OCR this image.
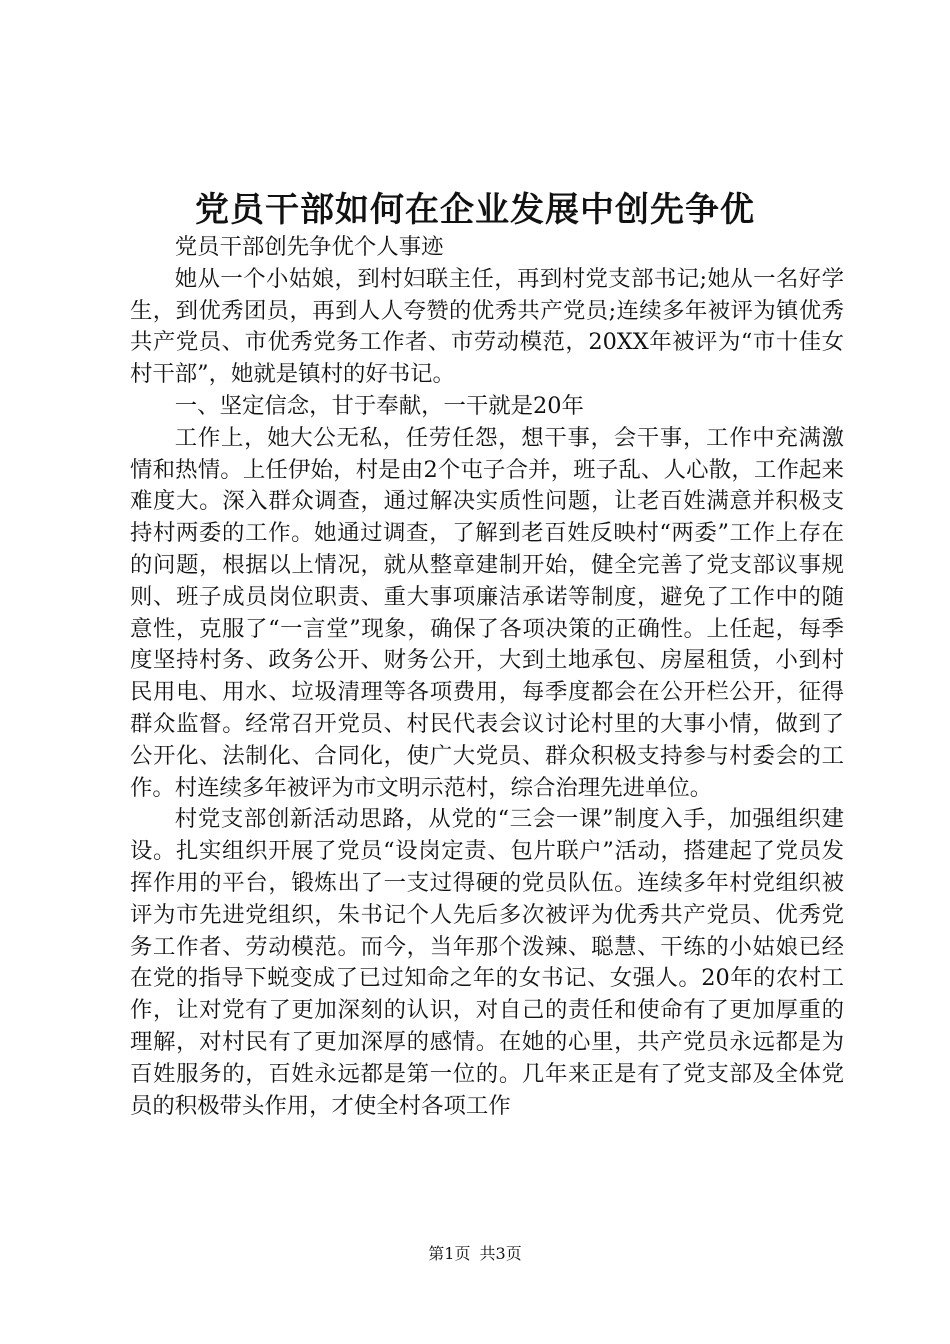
党员干部如何在企业发展中创先争优

党员干部创先争优个人事迹

她从一个小姑娘，到村妇联主任，再到村党支部书记;她从一名好学生，到优秀团员，再到人人夸赞的优秀共产党员;连续多年被评为镇优秀共产党员、市优秀党务工作者、市劳动模范，20XX年被评为“市十佳女村干部”，她就是镇村的好书记。

一、坚定信念，甘于奉献，一干就是20年

工作上，她大公无私，任劳任怨，想干事，会干事，工作中充满激情和热情。上任伊始，村是由2个屯子合并，班子乱、人心散，工作起来难度大。深入群众调查，通过解决实质性问题，让老百姓满意并积极支持村两委的工作。她通过调查，了解到老百姓反映村“两委”工作上存在的问题，根据以上情况，就从整章建制开始，健全完善了党支部议事规则、班子成员岗位职责、重大事项廉洁承诺等制度，避免了工作中的随意性，克服了“一言堂”现象，确保了各项决策的正确性。上任起，每季度坚持村务、政务公开、财务公开，大到土地承包、房屋租赁，小到村民用电、用水、垃圾清理等各项费用，每季度都会在公开栏公开，征得群众监督。经常召开党员、村民代表会议讨论村里的大事小情，做到了公开化、法制化、合同化，使广大党员、群众积极支持参与村委会的工作。村连续多年被评为市文明示范村，综合治理先进单位。

村党支部创新活动思路，从党的“三会一课”制度入手，加强组织建设。扎实组织开展了党员“设岗定责、包片联户”活动，搭建起了党员发挥作用的平台，锻炼出了一支过得硬的党员队伍。连续多年村党组织被评为市先进党组织，朱书记个人先后多次被评为优秀共产党员、优秀党务工作者、劳动模范。而今，当年那个泼辣、聪慧、干练的小姑娘已经在党的指导下蜕变成了已过知命之年的女书记、女强人。20年的农村工作，让对党有了更加深刻的认识，对自己的责任和使命有了更加厚重的理解，对村民有了更加深厚的感情。在她的心里，共产党员永远都是为百姓服务的，百姓永远都是第一位的。几年来正是有了党支部及全体党员的积极带头作用，才使全村各项工作

第1页 共3页
